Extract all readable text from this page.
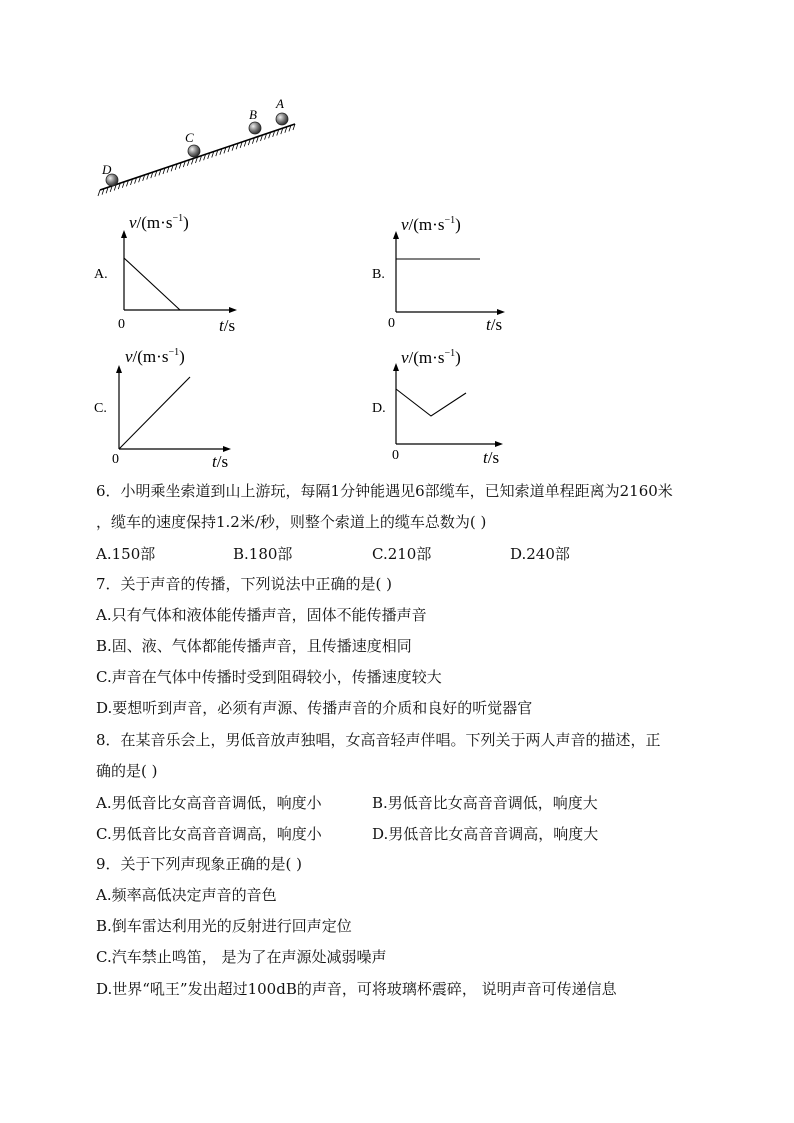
A
B
C
D
A.
$v/(m\cdot s^{-1})$
0	t/s
B.
$v/(m\cdot s^{-1})$
0	t/s
C.
$v/(m\cdot s^{-1})$
0	t/s
D.
$v/(m\cdot s^{-1})$
0	t/s
6．小明乘坐索道到山上游玩，每隔1分钟能遇见6部缆车，已知索道单程距离为2160米
，缆车的速度保持1.2米/秒，则整个索道上的缆车总数为( )
A.150部	B.180部	C.210部	D.240部
7．关于声音的传播，下列说法中正确的是( )
A.只有气体和液体能传播声音，固体不能传播声音
B.固、液、气体都能传播声音，且传播速度相同
C.声音在气体中传播时受到阻碍较小，传播速度较大
D.要想听到声音，必须有声源、传播声音的介质和良好的听觉器官
8．在某音乐会上，男低音放声独唱，女高音轻声伴唱。下列关于两人声音的描述，正
确的是( )
A.男低音比女高音音调低，响度小	B.男低音比女高音音调低，响度大
C.男低音比女高音音调高，响度小	D.男低音比女高音音调高，响度大
9．关于下列声现象正确的是( )
A.频率高低决定声音的音色
B.倒车雷达利用光的反射进行回声定位
C.汽车禁止鸣笛， 是为了在声源处减弱噪声
D.世界“吼王”发出超过100dB的声音，可将玻璃杯震碎， 说明声音可传递信息
